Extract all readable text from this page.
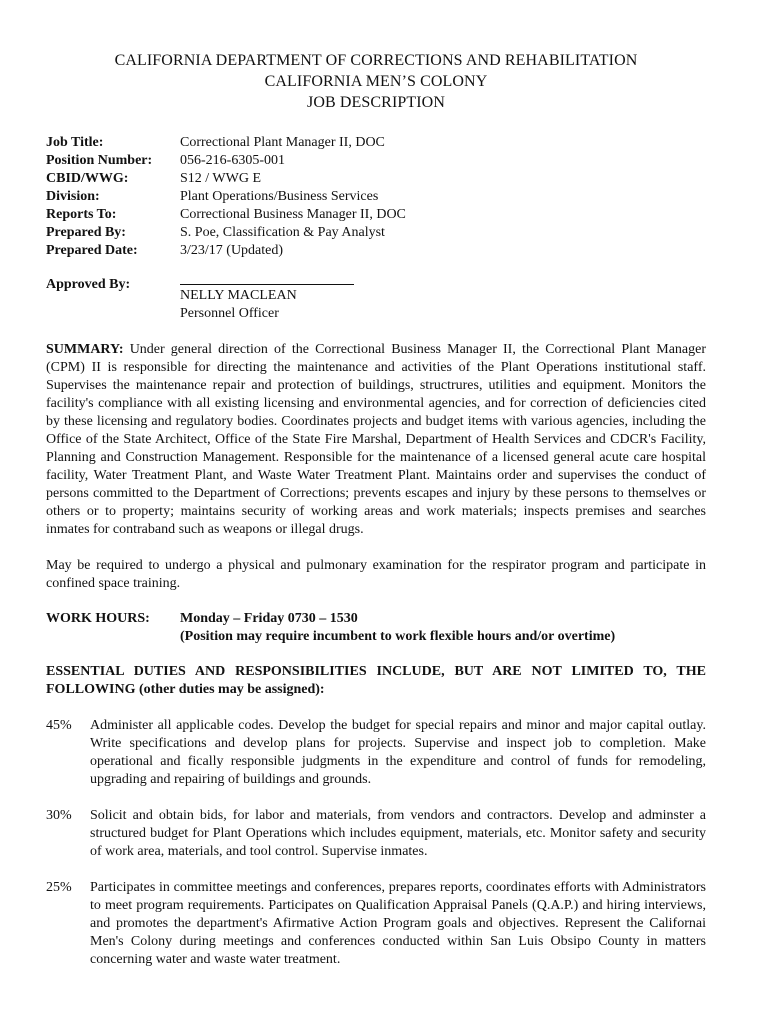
CALIFORNIA DEPARTMENT OF CORRECTIONS AND REHABILITATION
CALIFORNIA MEN’S COLONY
JOB DESCRIPTION
Job Title:	Correctional Plant Manager II, DOC
Position Number:	056-216-6305-001
CBID/WWG:	S12 / WWG E
Division:	Plant Operations/Business Services
Reports To:	Correctional Business Manager II, DOC
Prepared By:	S. Poe, Classification & Pay Analyst
Prepared Date:	3/23/17 (Updated)
Approved By:
NELLY MACLEAN
Personnel Officer

SUMMARY: Under general direction of the Correctional Business Manager II, the Correctional Plant Manager (CPM) II is responsible for directing the maintenance and activities of the Plant Operations institutional staff. Supervises the maintenance repair and protection of buildings, structrures, utilities and equipment. Monitors the facility's compliance with all existing licensing and environmental agencies, and for correction of deficiencies cited by these licensing and regulatory bodies. Coordinates projects and budget items with various agencies, including the Office of the State Architect, Office of the State Fire Marshal, Department of Health Services and CDCR's Facility, Planning and Construction Management. Responsible for the maintenance of a licensed general acute care hospital facility, Water Treatment Plant, and Waste Water Treatment Plant. Maintains order and supervises the conduct of persons committed to the Department of Corrections; prevents escapes and injury by these persons to themselves or others or to property; maintains security of working areas and work materials; inspects premises and searches inmates for contraband such as weapons or illegal drugs.

May be required to undergo a physical and pulmonary examination for the respirator program and participate in confined space training.

WORK HOURS:	Monday – Friday 0730 – 1530
(Position may require incumbent to work flexible hours and/or overtime)
ESSENTIAL DUTIES AND RESPONSIBILITIES INCLUDE, BUT ARE NOT LIMITED TO, THE FOLLOWING (other duties may be assigned):
45%	Administer all applicable codes. Develop the budget for special repairs and minor and major capital outlay. Write specifications and develop plans for projects. Supervise and inspect job to completion. Make operational and fically responsible judgments in the expenditure and control of funds for remodeling, upgrading and repairing of buildings and grounds.
30%	Solicit and obtain bids, for labor and materials, from vendors and contractors. Develop and adminster a structured budget for Plant Operations which includes equipment, materials, etc. Monitor safety and security of work area, materials, and tool control. Supervise inmates.
25%	Participates in committee meetings and conferences, prepares reports, coordinates efforts with Administrators to meet program requirements. Participates on Qualification Appraisal Panels (Q.A.P.) and hiring interviews, and promotes the department's Afirmative Action Program goals and objectives. Represent the Californai Men's Colony during meetings and conferences conducted within San Luis Obsipo County in matters concerning water and waste water treatment.
